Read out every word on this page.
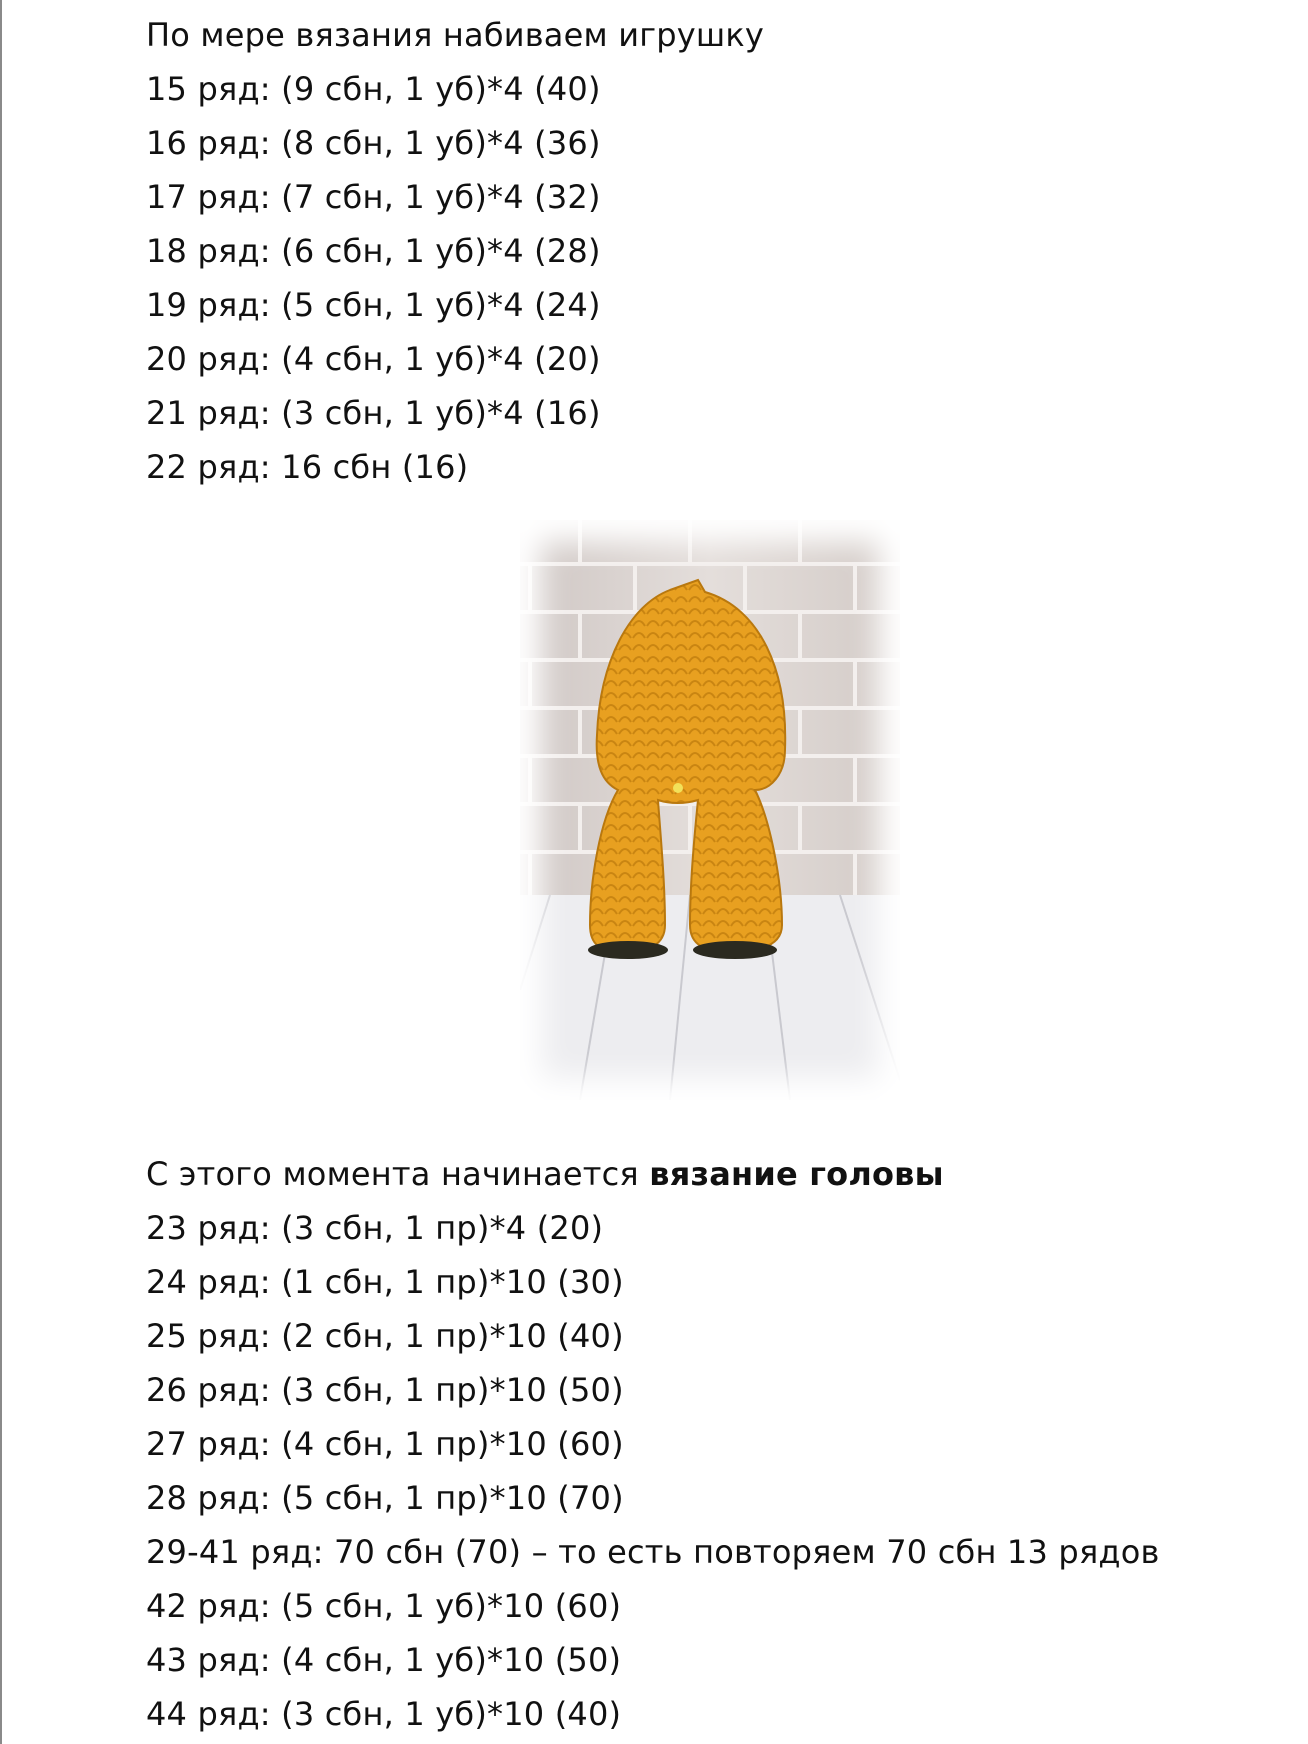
По мере вязания набиваем игрушку
15 ряд: (9 сбн, 1 уб)*4 (40)
16 ряд: (8 сбн, 1 уб)*4 (36)
17 ряд: (7 сбн, 1 уб)*4 (32)
18 ряд: (6 сбн, 1 уб)*4 (28)
19 ряд: (5 сбн, 1 уб)*4 (24)
20 ряд: (4 сбн, 1 уб)*4 (20)
21 ряд: (3 сбн, 1 уб)*4 (16)
22 ряд: 16 сбн (16)
С этого момента начинается вязание головы
23 ряд: (3 сбн, 1 пр)*4 (20)
24 ряд: (1 сбн, 1 пр)*10 (30)
25 ряд: (2 сбн, 1 пр)*10 (40)
26 ряд: (3 сбн, 1 пр)*10 (50)
27 ряд: (4 сбн, 1 пр)*10 (60)
28 ряд: (5 сбн, 1 пр)*10 (70)
29-41 ряд: 70 сбн (70) – то есть повторяем 70 сбн 13 рядов
42 ряд: (5 сбн, 1 уб)*10 (60)
43 ряд: (4 сбн, 1 уб)*10 (50)
44 ряд: (3 сбн, 1 уб)*10 (40)
